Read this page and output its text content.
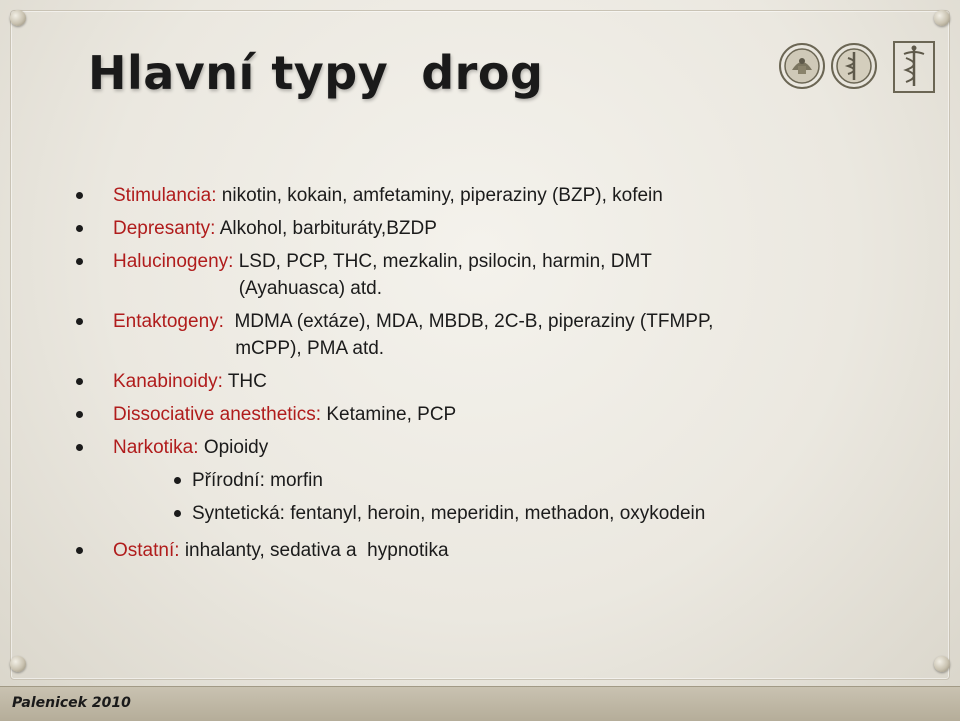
Hlavní typy  drog
Stimulancia: nikotin, kokain, amfetaminy, piperaziny (BZP), kofein
Depresanty: Alkohol, barbituráty,BZDP
Halucinogeny: LSD, PCP, THC, mezkalin, psilocin, harmin, DMT
(Ayahuasca) atd.
Entaktogeny:  MDMA (extáze), MDA, MBDB, 2C-B, piperaziny (TFMPP,
mCPP), PMA atd.
Kanabinoidy: THC
Dissociative anesthetics: Ketamine, PCP
Narkotika: Opioidy
Přírodní: morfin
Syntetická: fentanyl, heroin, meperidin, methadon, oxykodein
Ostatní: inhalanty, sedativa a  hypnotika
Palenicek 2010
